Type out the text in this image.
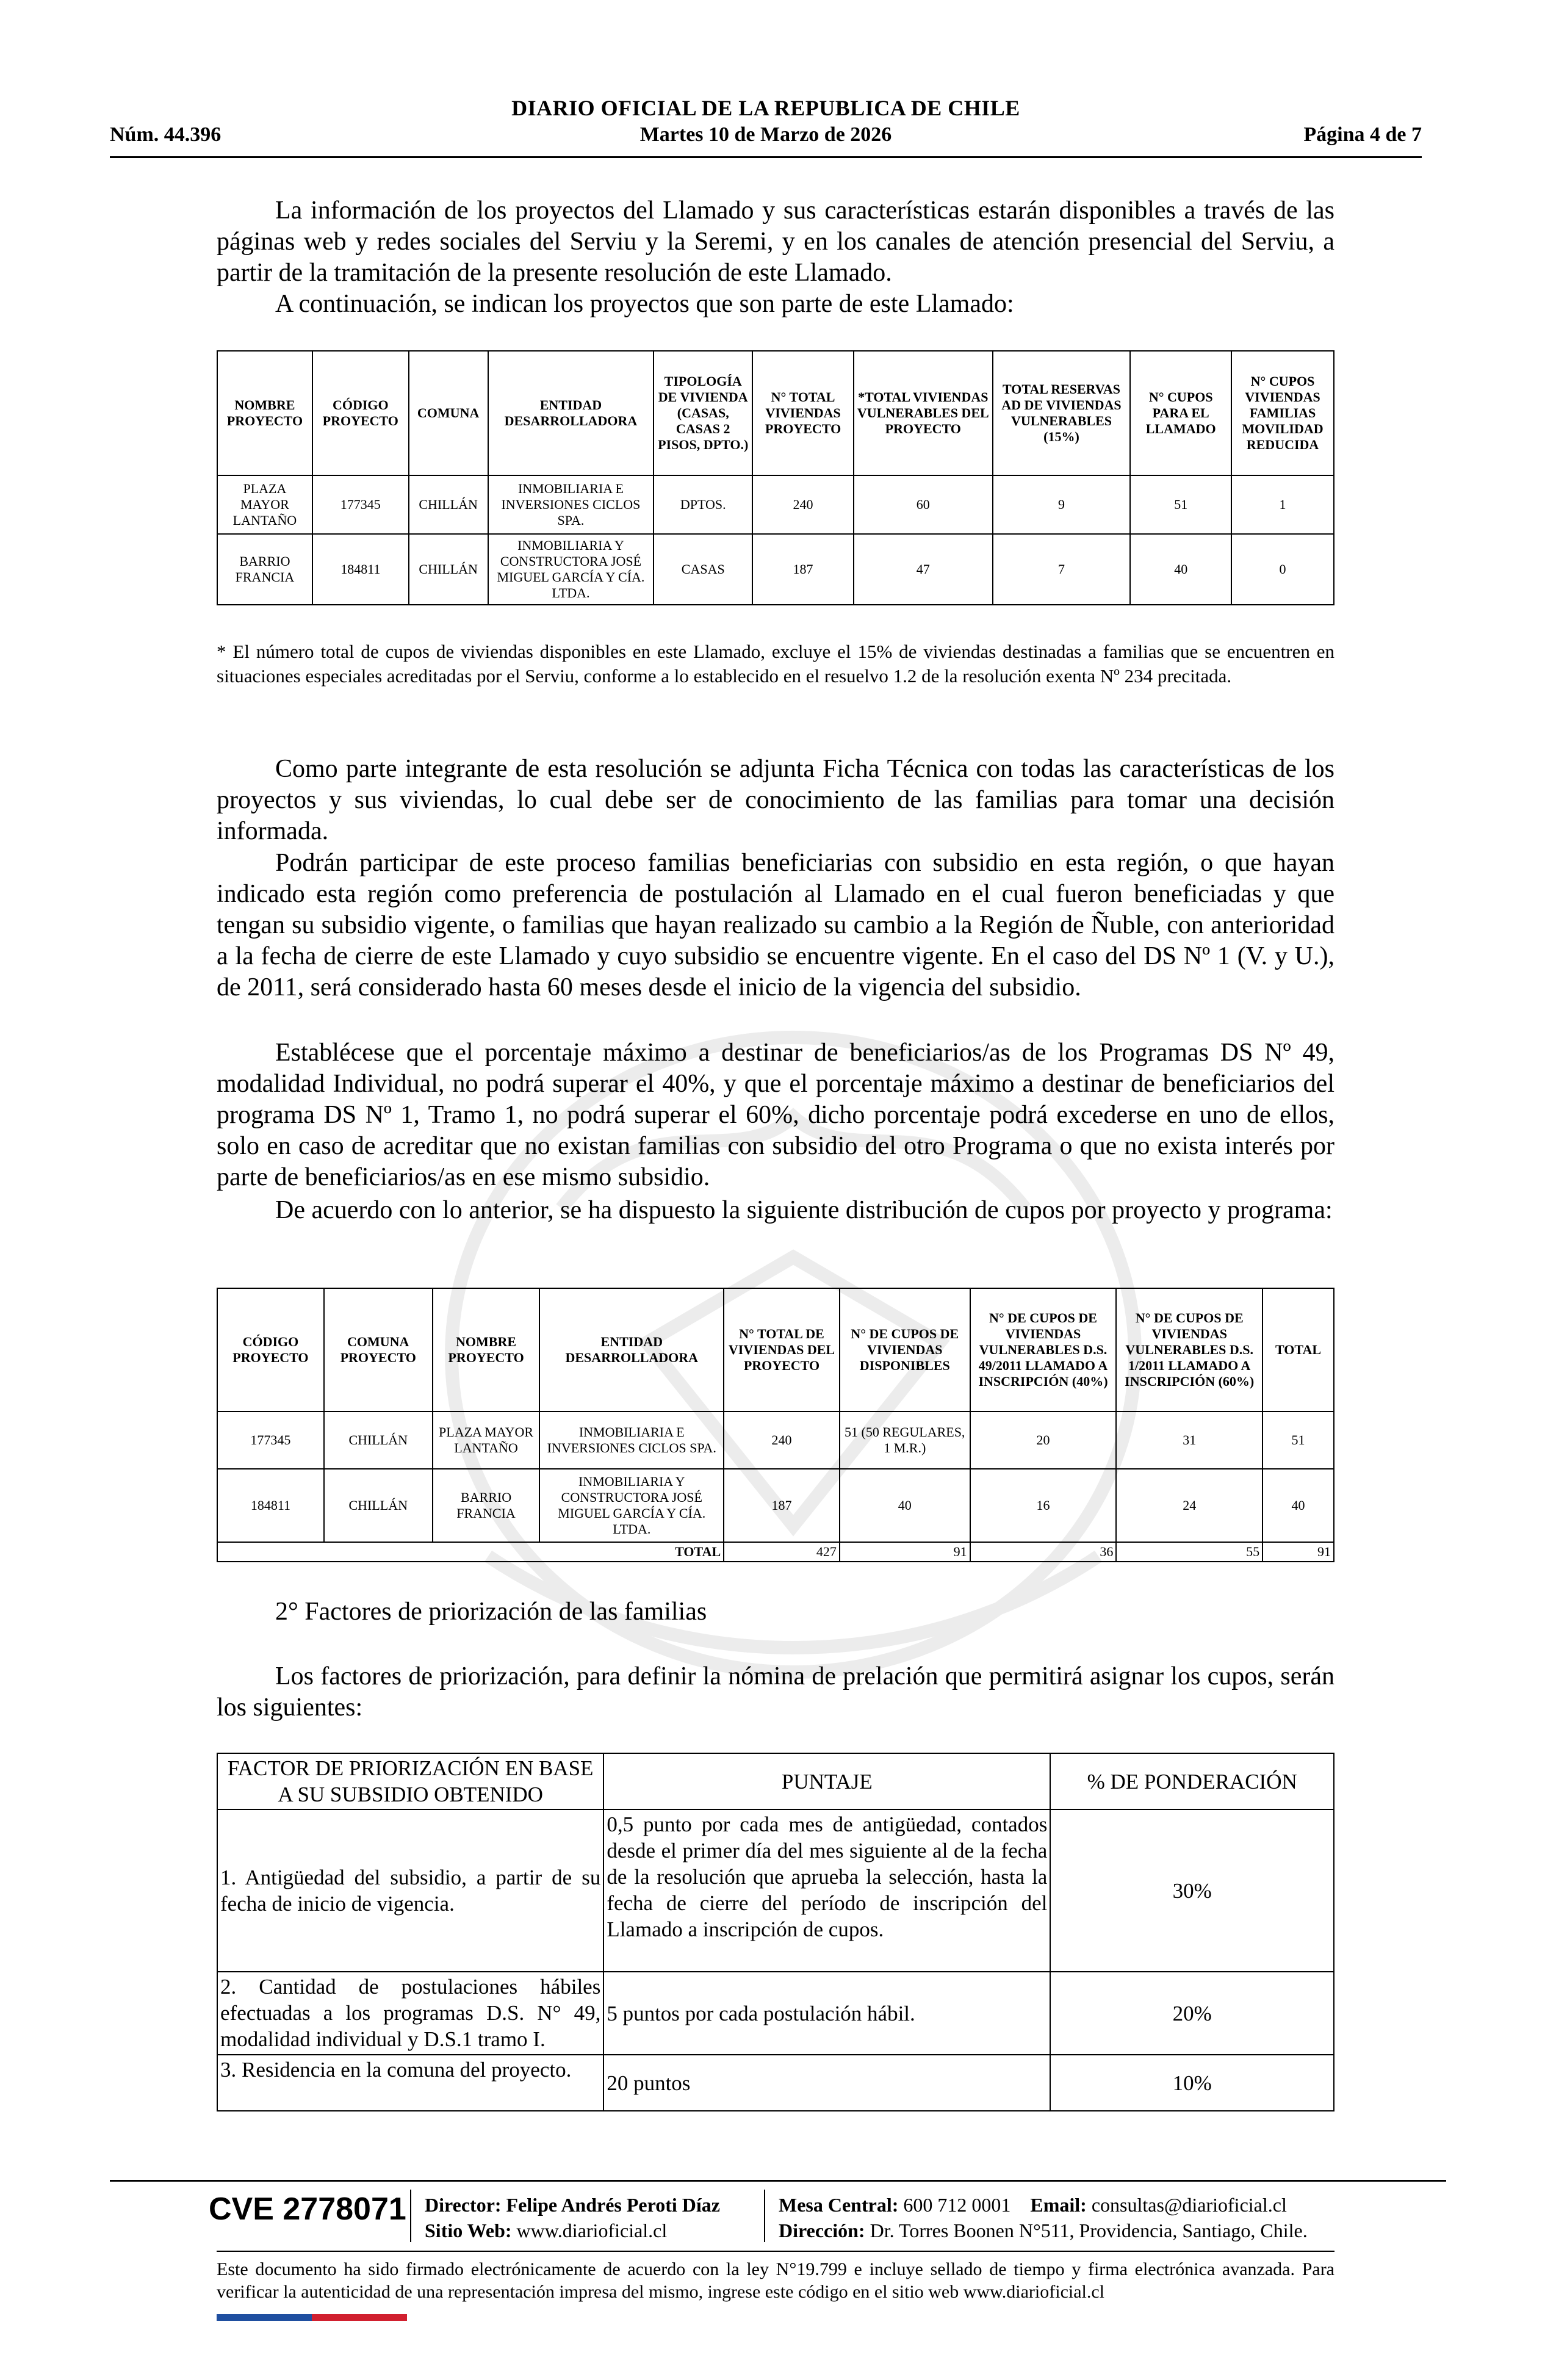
DIARIO OFICIAL DE LA REPUBLICA DE CHILE
Núm. 44.396	Martes 10 de Marzo de 2026	Página 4 de 7

La información de los proyectos del Llamado y sus características estarán disponibles a través de las páginas web y redes sociales del Serviu y la Seremi, y en los canales de atención presencial del Serviu, a partir de la tramitación de la presente resolución de este Llamado.

A continuación, se indican los proyectos que son parte de este Llamado:

NOMBRE PROYECTO	CÓDIGO PROYECTO	COMUNA	ENTIDAD DESARROLLADORA	TIPOLOGÍA DE VIVIENDA (CASAS, CASAS 2 PISOS, DPTO.)	N° TOTAL VIVIENDAS PROYECTO	*TOTAL VIVIENDAS VULNERABLES DEL PROYECTO	TOTAL RESERVAS AD DE VIVIENDAS VULNERABLES (15%)	N° CUPOS PARA EL LLAMADO	N° CUPOS VIVIENDAS FAMILIAS MOVILIDAD REDUCIDA
PLAZA MAYOR LANTAÑO	177345	CHILLÁN	INMOBILIARIA E INVERSIONES CICLOS SPA.	DPTOS.	240	60	9	51	1
BARRIO FRANCIA	184811	CHILLÁN	INMOBILIARIA Y CONSTRUCTORA JOSÉ MIGUEL GARCÍA Y CÍA. LTDA.	CASAS	187	47	7	40	0
* El número total de cupos de viviendas disponibles en este Llamado, excluye el 15% de viviendas destinadas a familias que se encuentren en situaciones especiales acreditadas por el Serviu, conforme a lo establecido en el resuelvo 1.2 de la resolución exenta Nº 234 precitada.

Como parte integrante de esta resolución se adjunta Ficha Técnica con todas las características de los proyectos y sus viviendas, lo cual debe ser de conocimiento de las familias para tomar una decisión informada.

Podrán participar de este proceso familias beneficiarias con subsidio en esta región, o que hayan indicado esta región como preferencia de postulación al Llamado en el cual fueron beneficiadas y que tengan su subsidio vigente, o familias que hayan realizado su cambio a la Región de Ñuble, con anterioridad a la fecha de cierre de este Llamado y cuyo subsidio se encuentre vigente. En el caso del DS Nº 1 (V. y U.), de 2011, será considerado hasta 60 meses desde el inicio de la vigencia del subsidio.

Establécese que el porcentaje máximo a destinar de beneficiarios/as de los Programas DS Nº 49, modalidad Individual, no podrá superar el 40%, y que el porcentaje máximo a destinar de beneficiarios del programa DS Nº 1, Tramo 1, no podrá superar el 60%, dicho porcentaje podrá excederse en uno de ellos, solo en caso de acreditar que no existan familias con subsidio del otro Programa o que no exista interés por parte de beneficiarios/as en ese mismo subsidio.

De acuerdo con lo anterior, se ha dispuesto la siguiente distribución de cupos por proyecto y programa:

CÓDIGO PROYECTO	COMUNA PROYECTO	NOMBRE PROYECTO	ENTIDAD DESARROLLADORA	N° TOTAL DE VIVIENDAS DEL PROYECTO	N° DE CUPOS DE VIVIENDAS DISPONIBLES	N° DE CUPOS DE VIVIENDAS VULNERABLES D.S. 49/2011 LLAMADO A INSCRIPCIÓN (40%)	N° DE CUPOS DE VIVIENDAS VULNERABLES D.S. 1/2011 LLAMADO A INSCRIPCIÓN (60%)	TOTAL
177345	CHILLÁN	PLAZA MAYOR LANTAÑO	INMOBILIARIA E INVERSIONES CICLOS SPA.	240	51 (50 REGULARES, 1 M.R.)	20	31	51
184811	CHILLÁN	BARRIO FRANCIA	INMOBILIARIA Y CONSTRUCTORA JOSÉ MIGUEL GARCÍA Y CÍA. LTDA.	187	40	16	24	40
TOTAL				427	91	36	55	91

2° Factores de priorización de las familias

Los factores de priorización, para definir la nómina de prelación que permitirá asignar los cupos, serán los siguientes:

FACTOR DE PRIORIZACIÓN EN BASE A SU SUBSIDIO OBTENIDO	PUNTAJE	% DE PONDERACIÓN
1. Antigüedad del subsidio, a partir de su fecha de inicio de vigencia.	0,5 punto por cada mes de antigüedad, contados desde el primer día del mes siguiente al de la fecha de la resolución que aprueba la selección, hasta la fecha de cierre del período de inscripción del Llamado a inscripción de cupos.	30%
2. Cantidad de postulaciones hábiles efectuadas a los programas D.S. N° 49, modalidad individual y D.S.1 tramo I.	5 puntos por cada postulación hábil.	20%
3. Residencia en la comuna del proyecto.	20 puntos	10%
CVE 2778071 Director: Felipe Andrés Peroti Díaz
Sitio Web: www.diarioficial.cl
Mesa Central: 600 712 0001 Email: consultas@diarioficial.cl
Dirección: Dr. Torres Boonen N°511, Providencia, Santiago, Chile.
Este documento ha sido firmado electrónicamente de acuerdo con la ley N°19.799 e incluye sellado de tiempo y firma electrónica avanzada. Para verificar la autenticidad de una representación impresa del mismo, ingrese este código en el sitio web www.diarioficial.cl
